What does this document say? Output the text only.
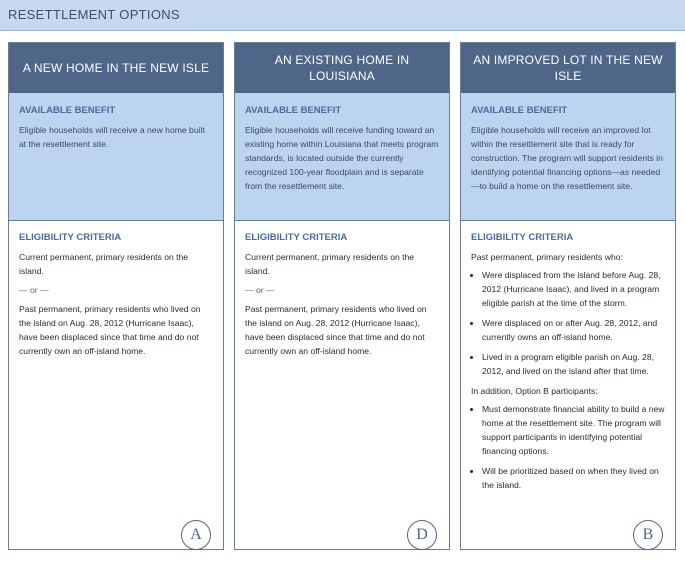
RESETTLEMENT OPTIONS
A NEW HOME IN THE NEW ISLE
AVAILABLE BENEFIT
Eligible households will receive a new home built at the resettlement site.
ELIGIBILITY CRITERIA
Current permanent, primary residents on the island.
— or —
Past permanent, primary residents who lived on the island on Aug. 28, 2012 (Hurricane Isaac), have been displaced since that time and do not currently own an off-island home.
A
AN EXISTING HOME IN LOUISIANA
AVAILABLE BENEFIT
Eligible households will receive funding toward an existing home within Louisiana that meets program standards, is located outside the currently recognized 100-year floodplain and is separate from the resettlement site.
ELIGIBILITY CRITERIA
Current permanent, primary residents on the island.
— or —
Past permanent, primary residents who lived on the island on Aug. 28, 2012 (Hurricane Isaac), have been displaced since that time and do not currently own an off-island home.
D
AN IMPROVED LOT IN THE NEW ISLE
AVAILABLE BENEFIT
Eligible households will receive an improved lot within the resettlement site that is ready for construction. The program will support residents in identifying potential financing options—as needed—to build a home on the resettlement site.
ELIGIBILITY CRITERIA
Past permanent, primary residents who:
• Were displaced from the island before Aug. 28, 2012 (Hurricane Isaac), and lived in a program eligible parish at the time of the storm.
• Were displaced on or after Aug. 28, 2012, and currently owns an off-island home.
• Lived in a program eligible parish on Aug. 28, 2012, and lived on the island after that time.
In addition, Option B participants:
• Must demonstrate financial ability to build a new home at the resettlement site. The program will support participants in identifying potential financing options.
• Will be prioritized based on when they lived on the island.
B
